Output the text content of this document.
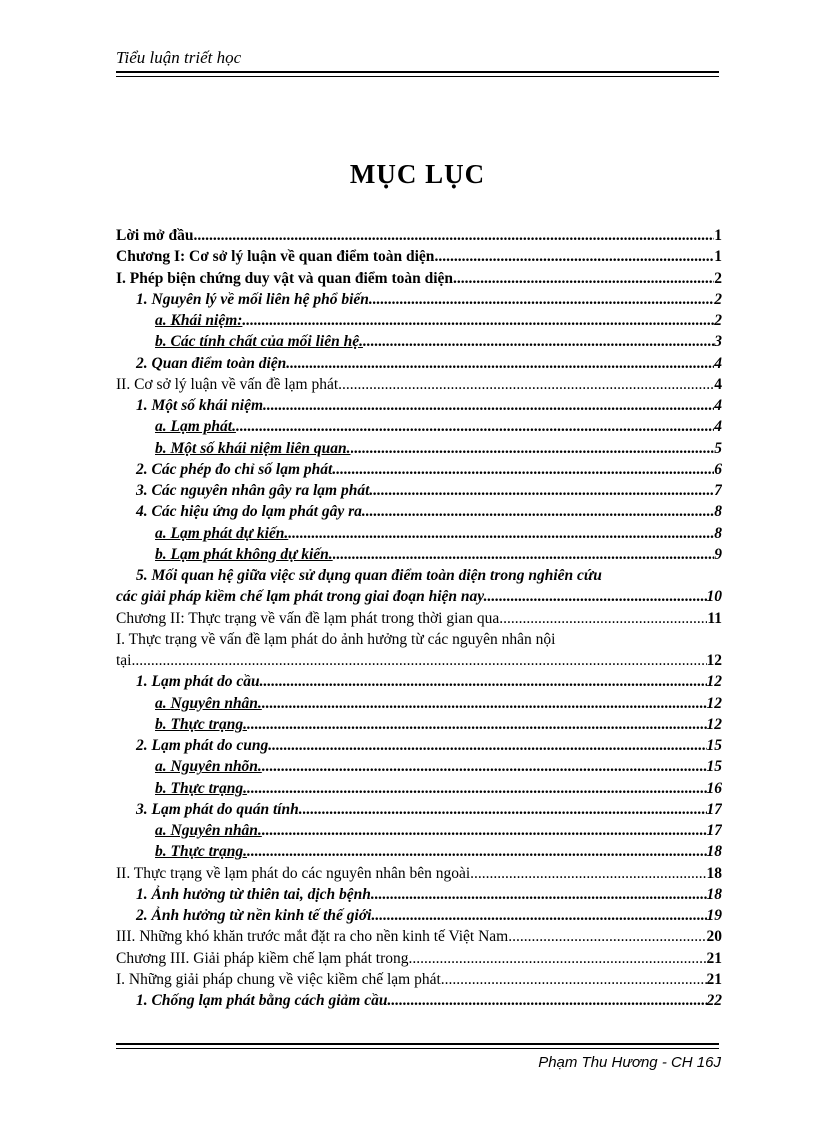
Tiểu luận triết học
MỤC LỤC
Lời mở đầu .....	1
Chương I: Cơ sở lý luận về quan điểm toàn diện .....	1
I. Phép biện chứng duy vật và quan điểm toàn diện. .....	2
1. Nguyên lý về mối liên hệ phổ biến. .....	2
a. Khái niệm: .....	2
b. Các tính chất của mối liên hệ. .....	3
2. Quan điểm toàn diện. .....	4
II. Cơ sở lý luận về vấn đề lạm phát. .....	4
1. Một số khái niệm. .....	4
a. Lạm phát. .....	4
b. Một số khái niệm liên quan. .....	5
2. Các phép đo chỉ số lạm phát. .....	6
3. Các nguyên nhân gây ra lạm phát. .....	7
4. Các hiệu ứng do lạm phát gây ra. .....	8
a. Lạm phát dự kiến. .....	8
b. Lạm phát không dự kiến. .....	9
5. Mối quan hệ giữa việc sử dụng quan điểm toàn diện trong nghiên cứu
các giải pháp kiềm chế lạm phát trong giai đoạn hiện nay. .....	10
Chương II: Thực trạng về vấn đề lạm phát trong thời gian qua. .....	11
I. Thực trạng về vấn đề lạm phát do ảnh hưởng từ các nguyên nhân nội
tại .....	12
1. Lạm phát do cầu. .....	12
a. Nguyên nhân. .....	12
b. Thực trạng. .....	12
2. Lạm phát do cung. .....	15
a. Nguyên nhõn. .....	15
b. Thực trạng. .....	16
3. Lạm phát do quán tính. .....	17
a. Nguyên nhân. .....	17
b. Thực trạng. .....	18
II. Thực trạng về lạm phát do các nguyên nhân bên ngoài. .....	18
1. Ảnh hưởng từ thiên tai, dịch bệnh. .....	18
2. Ảnh hưởng từ nền kinh tế thế giới. .....	19
III. Những khó khăn trước mắt đặt ra cho nền kinh tế Việt Nam .....	20
Chương III. Giải pháp kiềm chế lạm phát trong .....	21
I. Những giải pháp chung về việc kiềm chế lạm phát .....	21
1. Chống lạm phát bằng cách giảm cầu. .....	22
Phạm Thu Hương - CH 16J
